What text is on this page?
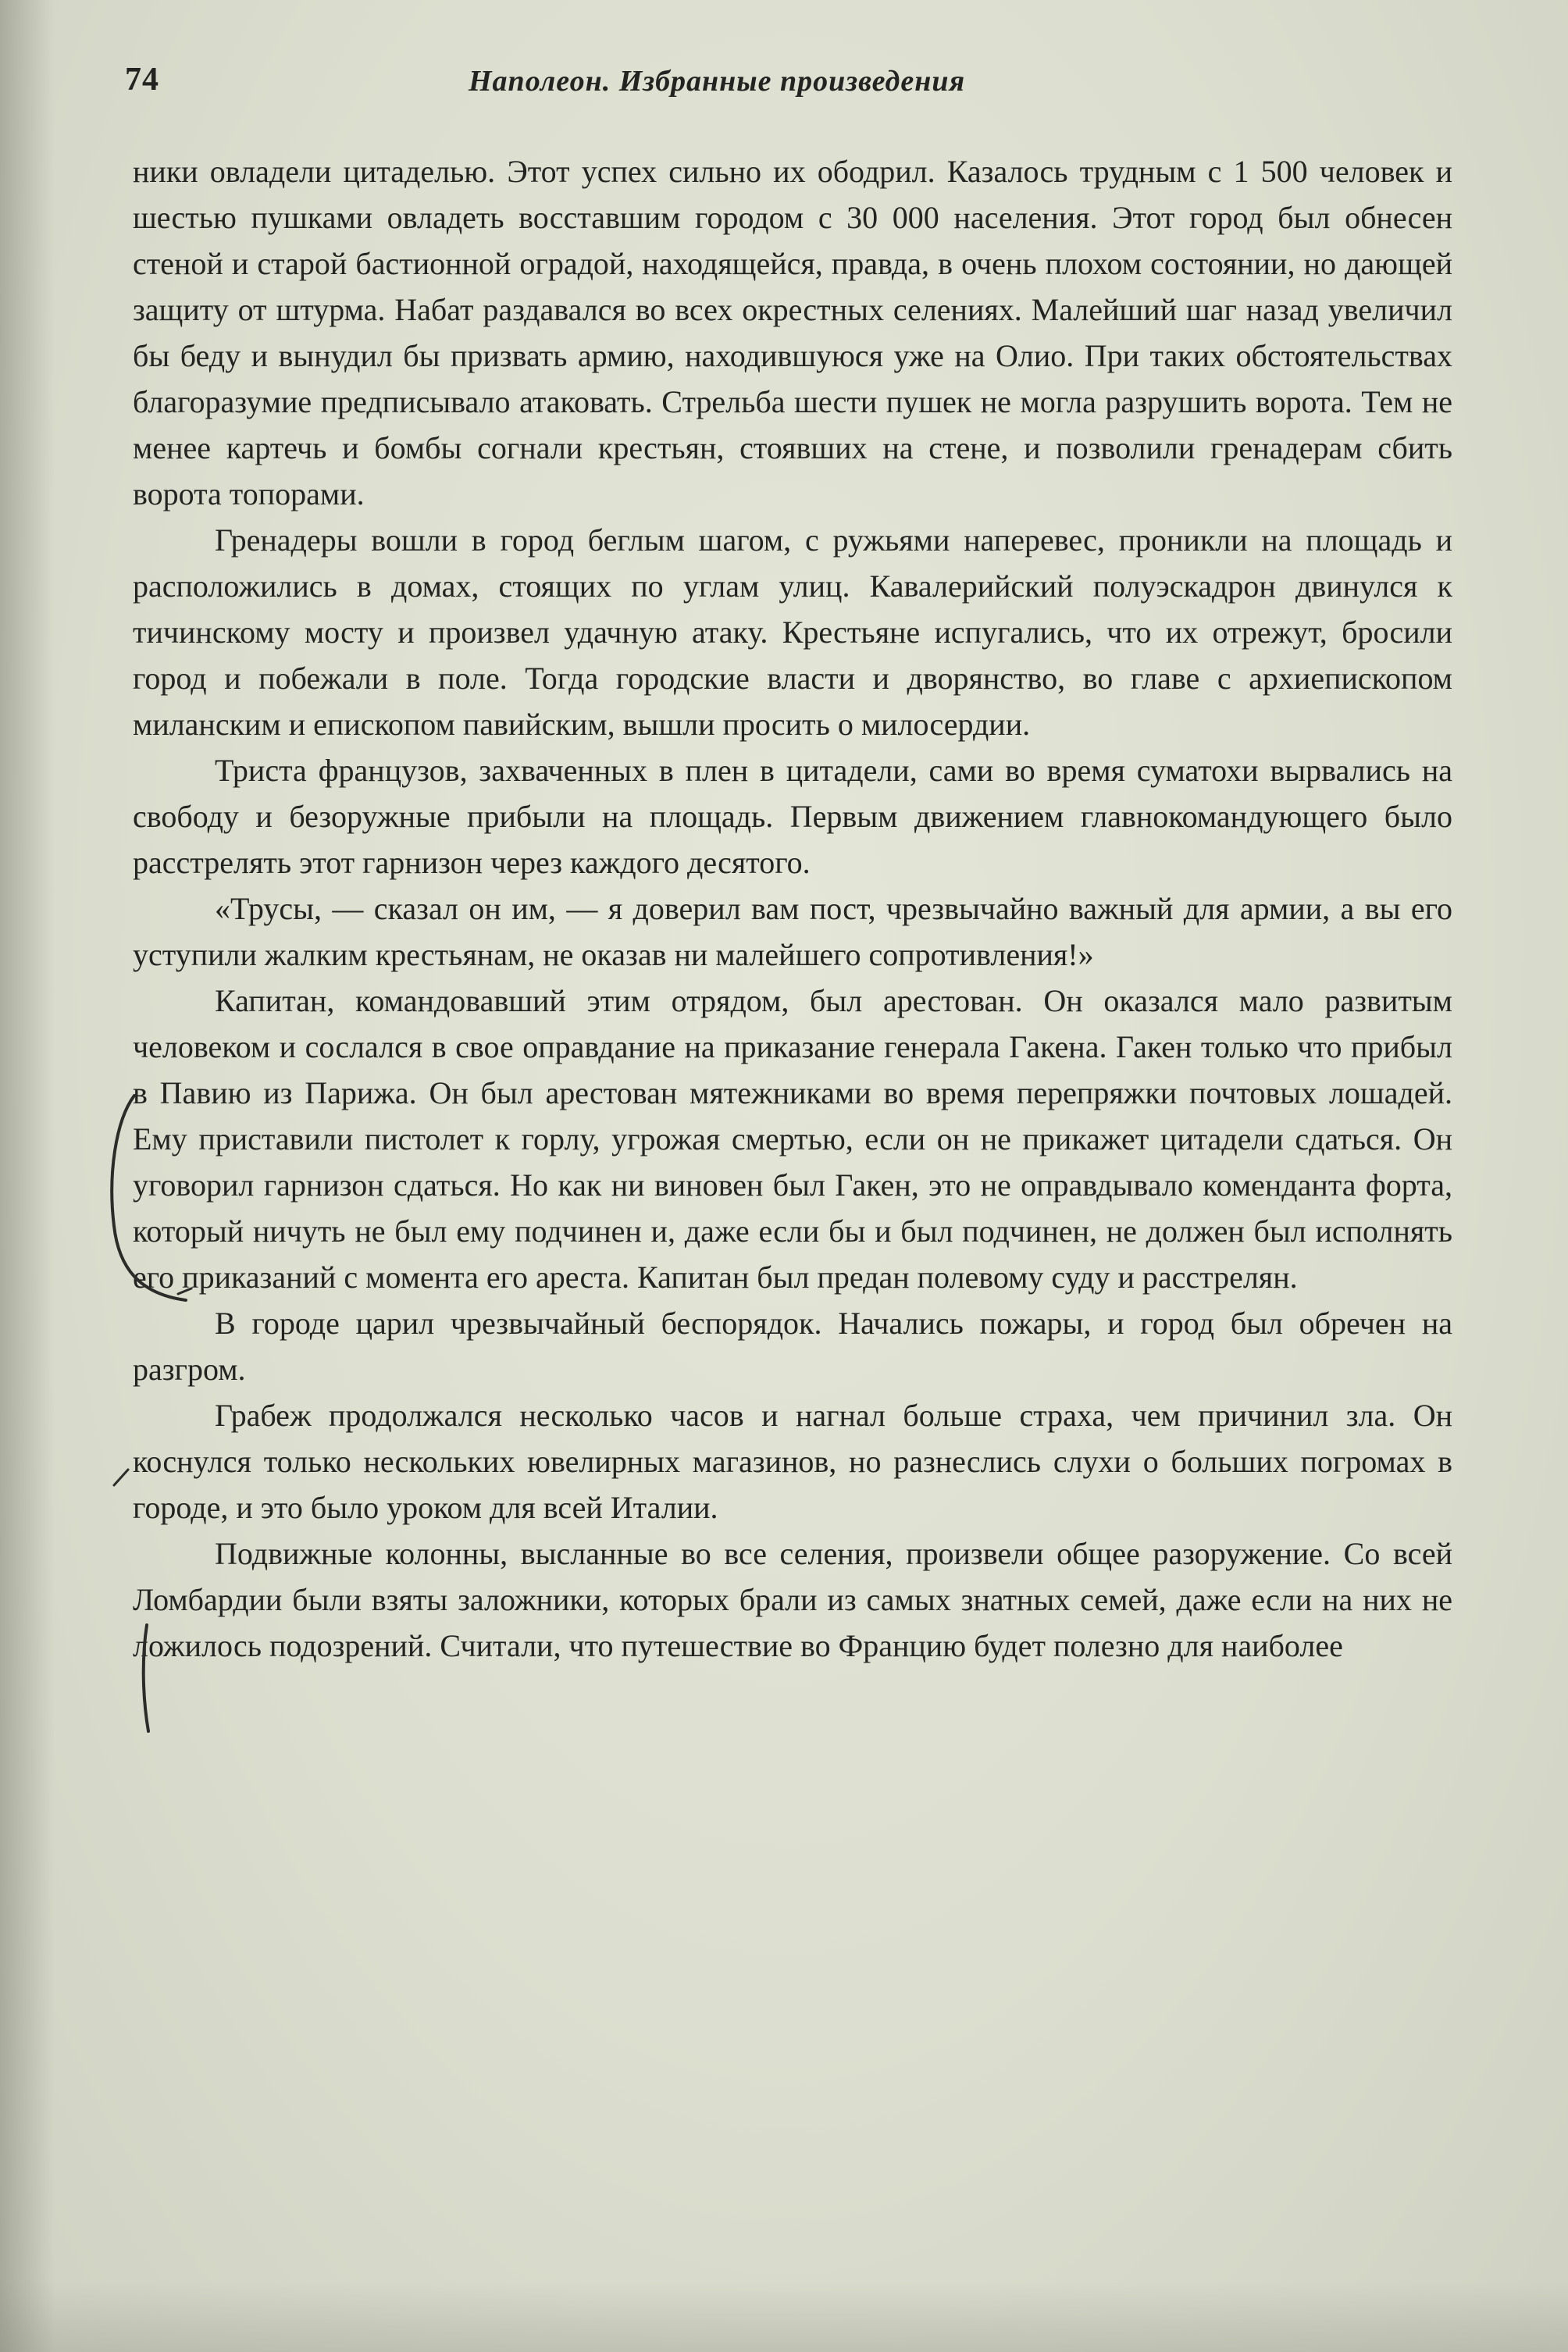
74	Наполеон. Избранные произведения

ники овладели цитаделью. Этот успех сильно их ободрил. Казалось трудным с 1 500 человек и шестью пушками овладеть восставшим городом с 30 000 населения. Этот город был обнесен стеной и старой бастионной оградой, находящейся, правда, в очень плохом состоянии, но дающей защиту от штурма. Набат раздавался во всех окрестных селениях. Малейший шаг назад увеличил бы беду и вынудил бы призвать армию, находившуюся уже на Олио. При таких обстоятельствах благоразумие предписывало атаковать. Стрельба шести пушек не могла разрушить ворота. Тем не менее картечь и бомбы согнали крестьян, стоявших на стене, и позволили гренадерам сбить ворота топорами.

Гренадеры вошли в город беглым шагом, с ружьями наперевес, проникли на площадь и расположились в домах, стоящих по углам улиц. Кавалерийский полуэскадрон двинулся к тичинскому мосту и произвел удачную атаку. Крестьяне испугались, что их отрежут, бросили город и побежали в поле. Тогда городские власти и дворянство, во главе с архиепископом миланским и епископом павийским, вышли просить о милосердии.

Триста французов, захваченных в плен в цитадели, сами во время суматохи вырвались на свободу и безоружные прибыли на площадь. Первым движением главнокомандующего было расстрелять этот гарнизон через каждого десятого.

«Трусы, — сказал он им, — я доверил вам пост, чрезвычайно важный для армии, а вы его уступили жалким крестьянам, не оказав ни малейшего сопротивления!»

Капитан, командовавший этим отрядом, был арестован. Он оказался мало развитым человеком и сослался в свое оправдание на приказание генерала Гакена. Гакен только что прибыл в Павию из Парижа. Он был арестован мятежниками во время перепряжки почтовых лошадей. Ему приставили пистолет к горлу, угрожая смертью, если он не прикажет цитадели сдаться. Он уговорил гарнизон сдаться. Но как ни виновен был Гакен, это не оправдывало коменданта форта, который ничуть не был ему подчинен и, даже если бы и был подчинен, не должен был исполнять его приказаний с момента его ареста. Капитан был предан полевому суду и расстрелян.

В городе царил чрезвычайный беспорядок. Начались пожары, и город был обречен на разгром.

Грабеж продолжался несколько часов и нагнал больше страха, чем причинил зла. Он коснулся только нескольких ювелирных магазинов, но разнеслись слухи о больших погромах в городе, и это было уроком для всей Италии.

Подвижные колонны, высланные во все селения, произвели общее разоружение. Со всей Ломбардии были взяты заложники, которых брали из самых знатных семей, даже если на них не ложилось подозрений. Считали, что путешествие во Францию будет полезно для наиболее
